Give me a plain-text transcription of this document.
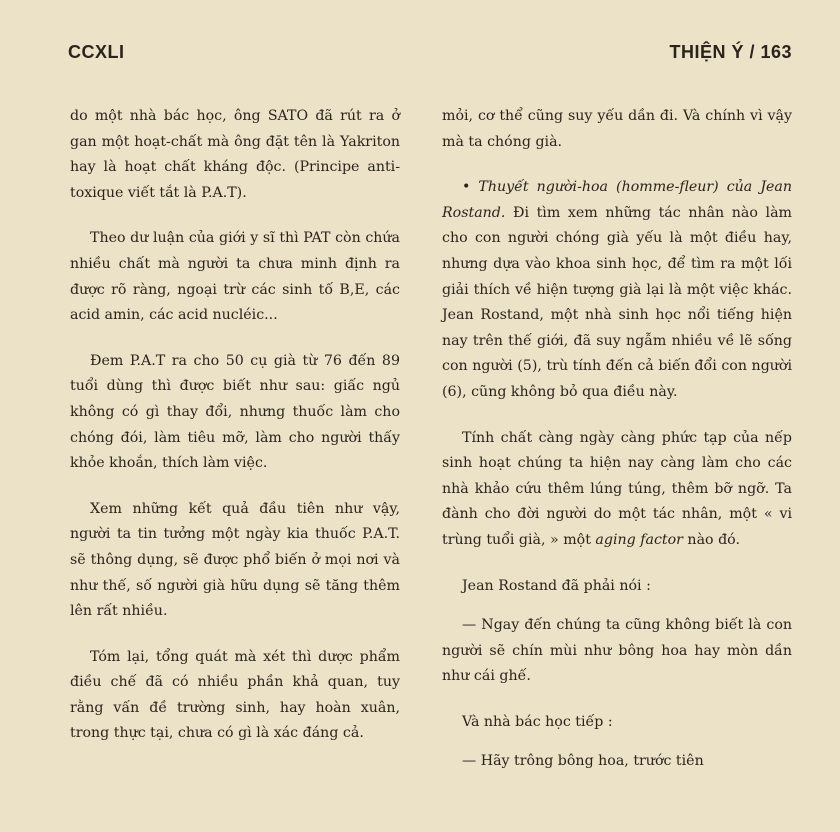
CCXLI	THIỆN Ý / 163

do một nhà bác học, ông SATO đã rút ra ở gan một hoạt-chất mà ông đặt tên là Yakriton hay là hoạt chất kháng độc. (Principe anti-toxique viết tắt là P.A.T).

Theo dư luận của giới y sĩ thì PAT còn chứa nhiều chất mà người ta chưa minh định ra được rõ ràng, ngoại trừ các sinh tố B,E, các acid amin, các acid nucléic...

Đem P.A.T ra cho 50 cụ già từ 76 đến 89 tuổi dùng thì được biết như sau: giấc ngủ không có gì thay đổi, nhưng thuốc làm cho chóng đói, làm tiêu mỡ, làm cho người thấy khỏe khoắn, thích làm việc.

Xem những kết quả đầu tiên như vậy, người ta tin tưởng một ngày kia thuốc P.A.T. sẽ thông dụng, sẽ được phổ biến ở mọi nơi và như thế, số người già hữu dụng sẽ tăng thêm lên rất nhiều.

Tóm lại, tổng quát mà xét thì dược phẩm điều chế đã có nhiều phần khả quan, tuy rằng vấn đề trường sinh, hay hoàn xuân, trong thực tại, chưa có gì là xác đáng cả.

mỏi, cơ thể cũng suy yếu dần đi. Và chính vì vậy mà ta chóng già.

• Thuyết người-hoa (homme-fleur) của Jean Rostand. Đi tìm xem những tác nhân nào làm cho con người chóng già yếu là một điều hay, nhưng dựa vào khoa sinh học, để tìm ra một lối giải thích về hiện tượng già lại là một việc khác. Jean Rostand, một nhà sinh học nổi tiếng hiện nay trên thế giới, đã suy ngẫm nhiều về lẽ sống con người (5), trù tính đến cả biến đổi con người (6), cũng không bỏ qua điều này.

Tính chất càng ngày càng phức tạp của nếp sinh hoạt chúng ta hiện nay càng làm cho các nhà khảo cứu thêm lúng túng, thêm bỡ ngỡ. Ta đành cho đời người do một tác nhân, một « vi trùng tuổi già, » một aging factor nào đó.

Jean Rostand đã phải nói :

— Ngay đến chúng ta cũng không biết là con người sẽ chín mùi như bông hoa hay mòn dần như cái ghế.

Và nhà bác học tiếp :

— Hãy trông bông hoa, trước tiên
